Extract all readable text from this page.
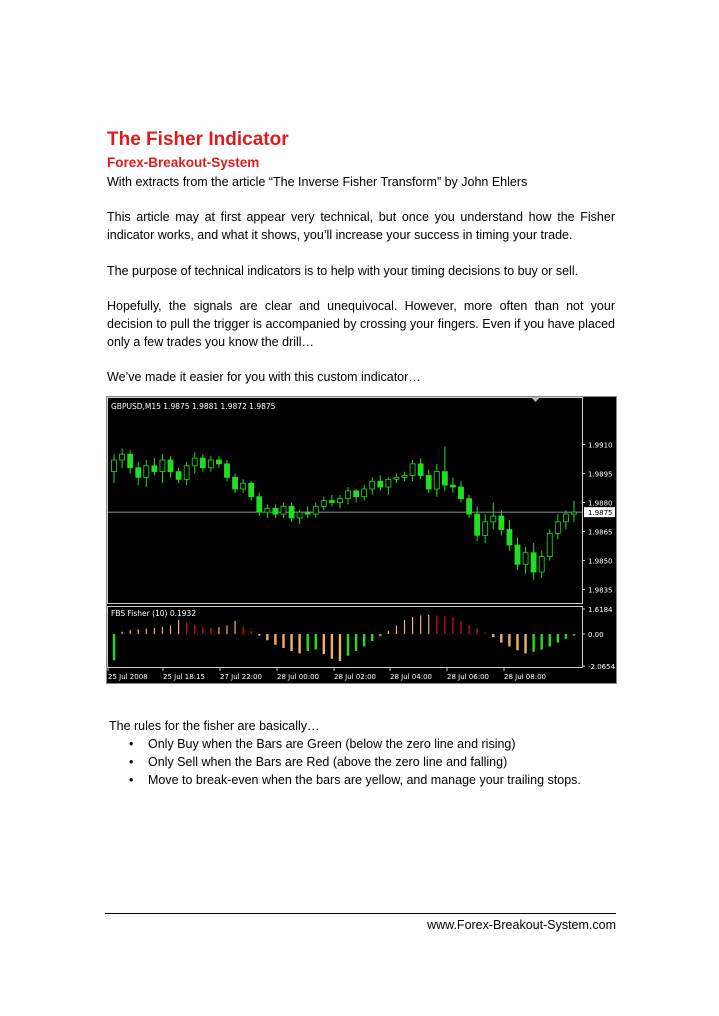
The Fisher Indicator
Forex-Breakout-System
With extracts from the article “The Inverse Fisher Transform” by John Ehlers
This article may at first appear very technical, but once you understand how the Fisher indicator works, and what it shows, you’ll increase your success in timing your trade.
The purpose of technical indicators is to help with your timing decisions to buy or sell.
Hopefully, the signals are clear and unequivocal. However, more often than not your decision to pull the trigger is accompanied by crossing your fingers. Even if you have placed only a few trades you know the drill…
We’ve made it easier for you with this custom indicator…
GBPUSD,M15 1.9875 1.9881 1.9872 1.9875
FBS Fisher (10) 0.1932
1.9910
1.9895
1.9880
1.9865
1.9850
1.9835
1.9875
1.6184
0.00
-2.0654
25 Jul 2008 25 Jul 18:15 27 Jul 22:00 28 Jul 00:00 28 Jul 02:00 28 Jul 04:00 28 Jul 06:00 28 Jul 08:00
The rules for the fisher are basically…
• Only Buy when the Bars are Green (below the zero line and rising)
• Only Sell when the Bars are Red (above the zero line and falling)
• Move to break-even when the bars are yellow, and manage your trailing stops.
www.Forex-Breakout-System.com
